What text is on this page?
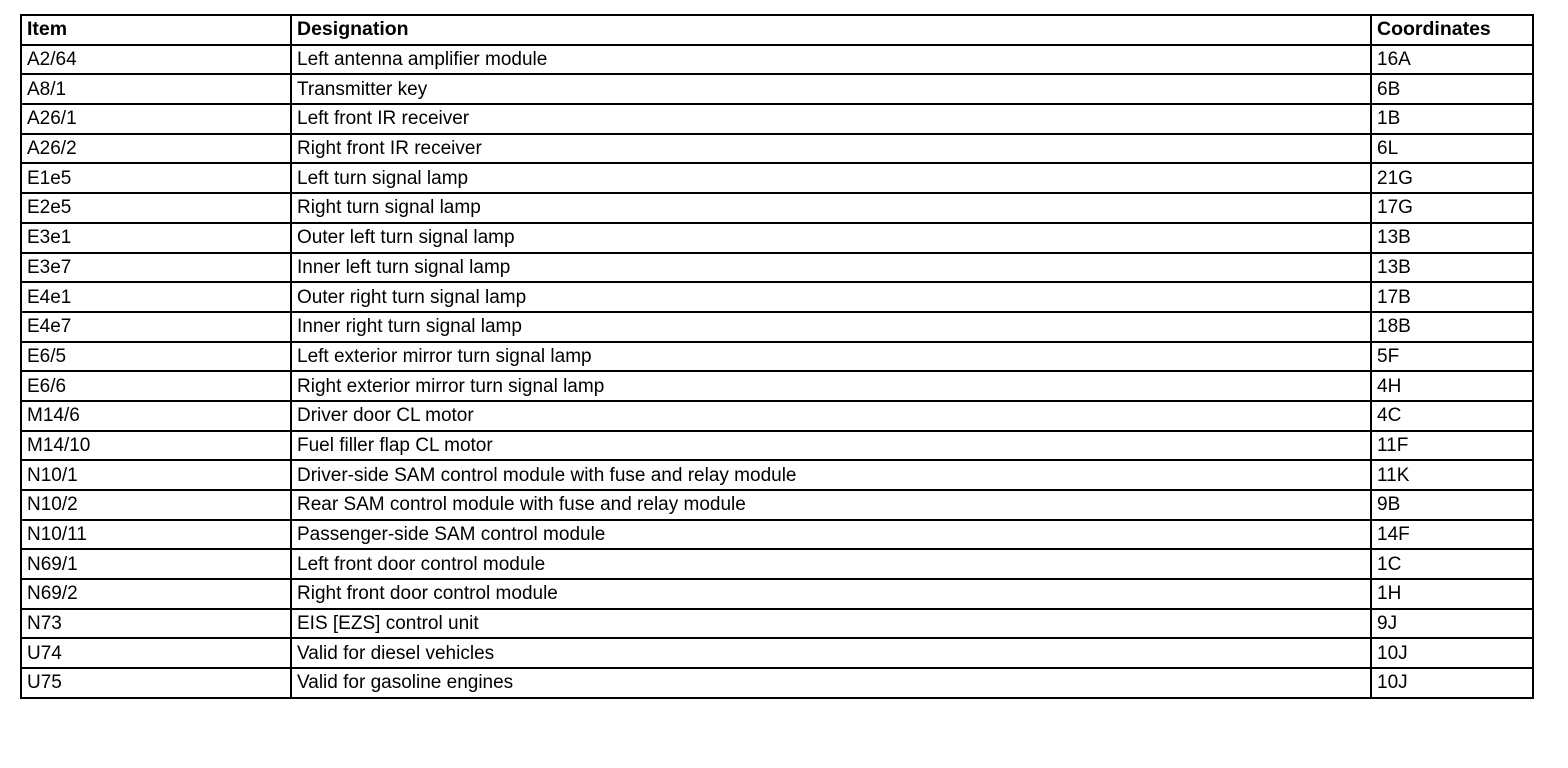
Item	Designation	Coordinates
A2/64	Left antenna amplifier module	16A
A8/1	Transmitter key	6B
A26/1	Left front IR receiver	1B
A26/2	Right front IR receiver	6L
E1e5	Left turn signal lamp	21G
E2e5	Right turn signal lamp	17G
E3e1	Outer left turn signal lamp	13B
E3e7	Inner left turn signal lamp	13B
E4e1	Outer right turn signal lamp	17B
E4e7	Inner right turn signal lamp	18B
E6/5	Left exterior mirror turn signal lamp	5F
E6/6	Right exterior mirror turn signal lamp	4H
M14/6	Driver door CL motor	4C
M14/10	Fuel filler flap CL motor	11F
N10/1	Driver-side SAM control module with fuse and relay module	11K
N10/2	Rear SAM control module with fuse and relay module	9B
N10/11	Passenger-side SAM control module	14F
N69/1	Left front door control module	1C
N69/2	Right front door control module	1H
N73	EIS [EZS] control unit	9J
U74	Valid for diesel vehicles	10J
U75	Valid for gasoline engines	10J
